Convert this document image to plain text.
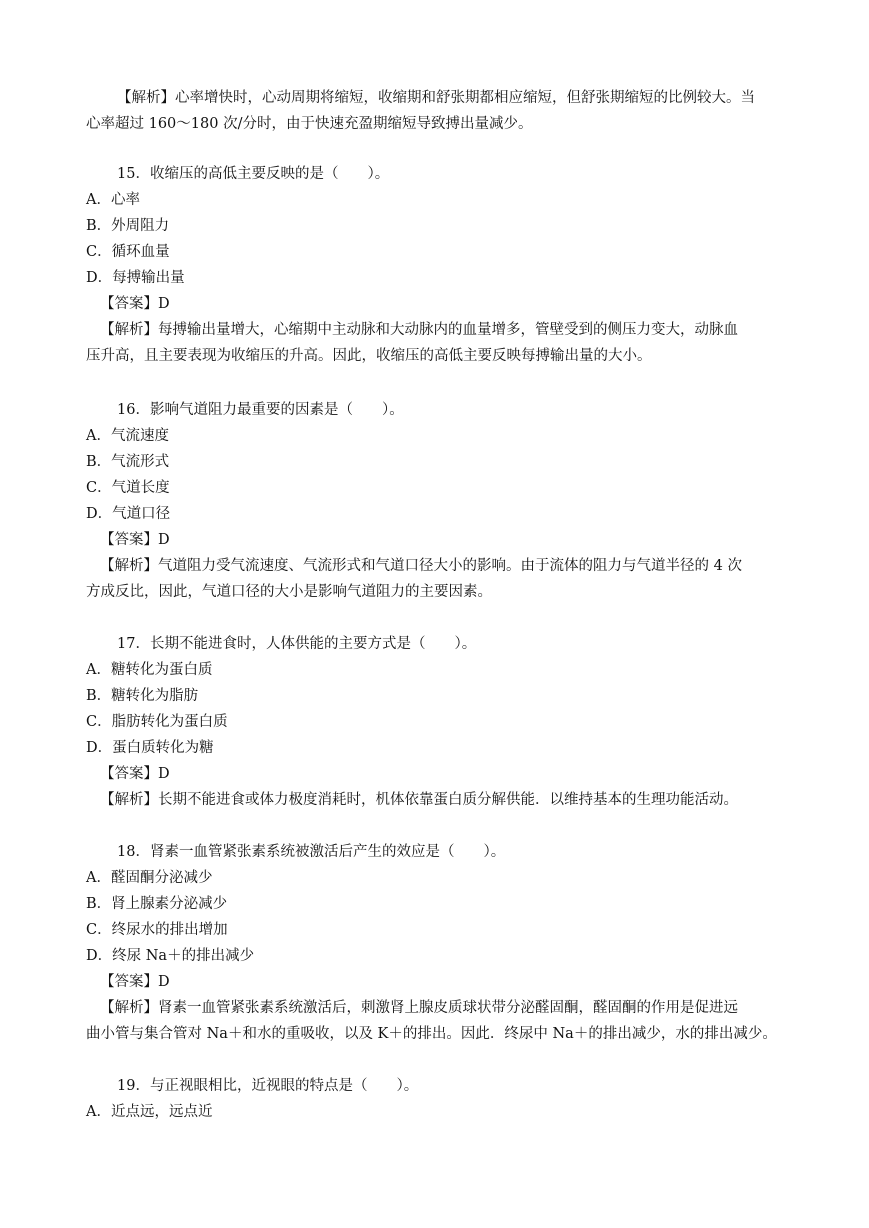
【解析】心率增快时，心动周期将缩短，收缩期和舒张期都相应缩短，但舒张期缩短的比例较大。当
心率超过 160～180 次/分时，由于快速充盈期缩短导致搏出量减少。
15．收缩压的高低主要反映的是（　　）。
A．心率
B．外周阻力
C．循环血量
D．每搏输出量
【答案】D
【解析】每搏输出量增大，心缩期中主动脉和大动脉内的血量增多，管壁受到的侧压力变大，动脉血
压升高，且主要表现为收缩压的升高。因此，收缩压的高低主要反映每搏输出量的大小。
16．影响气道阻力最重要的因素是（　　）。
A．气流速度
B．气流形式
C．气道长度
D．气道口径
【答案】D
【解析】气道阻力受气流速度、气流形式和气道口径大小的影响。由于流体的阻力与气道半径的 4 次
方成反比，因此，气道口径的大小是影响气道阻力的主要因素。
17．长期不能进食时，人体供能的主要方式是（　　）。
A．糖转化为蛋白质
B．糖转化为脂肪
C．脂肪转化为蛋白质
D．蛋白质转化为糖
【答案】D
【解析】长期不能进食或体力极度消耗时，机体依靠蛋白质分解供能．以维持基本的生理功能活动。
18．肾素一血管紧张素系统被激活后产生的效应是（　　）。
A．醛固酮分泌减少
B．肾上腺素分泌减少
C．终尿水的排出增加
D．终尿 Na＋的排出减少
【答案】D
【解析】肾素一血管紧张素系统激活后，刺激肾上腺皮质球状带分泌醛固酮，醛固酮的作用是促进远
曲小管与集合管对 Na＋和水的重吸收，以及 K＋的排出。因此．终尿中 Na＋的排出减少，水的排出减少。
19．与正视眼相比，近视眼的特点是（　　）。
A．近点远，远点近
